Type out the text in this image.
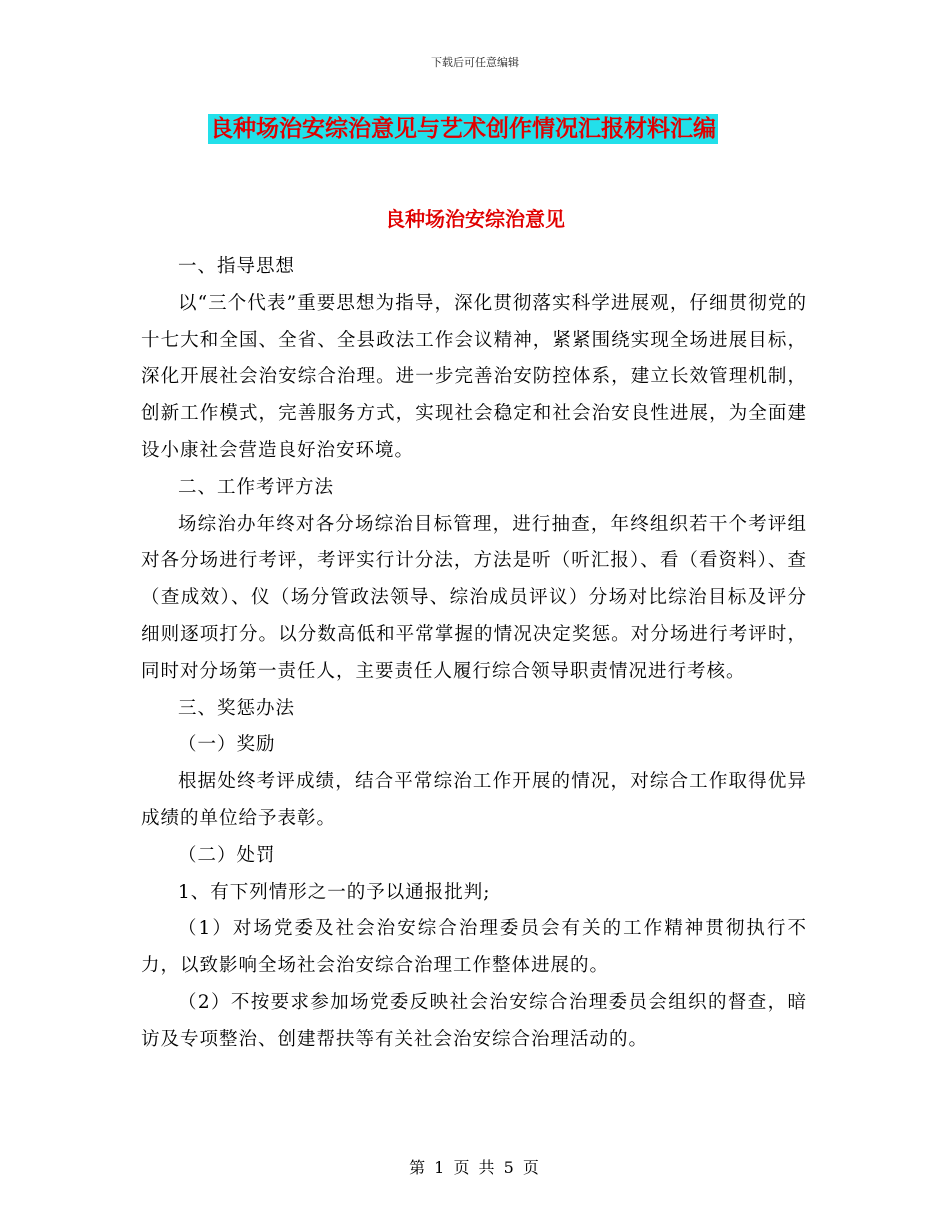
下载后可任意编辑
良种场治安综治意见与艺术创作情况汇报材料汇编
良种场治安综治意见

一、指导思想

以“三个代表”重要思想为指导，深化贯彻落实科学进展观，仔细贯彻党的十七大和全国、全省、全县政法工作会议精神，紧紧围绕实现全场进展目标，深化开展社会治安综合治理。进一步完善治安防控体系，建立长效管理机制，创新工作模式，完善服务方式，实现社会稳定和社会治安良性进展，为全面建设小康社会营造良好治安环境。

二、工作考评方法

场综治办年终对各分场综治目标管理，进行抽查，年终组织若干个考评组对各分场进行考评，考评实行计分法，方法是听（听汇报）、看（看资料）、查（查成效）、仪（场分管政法领导、综治成员评议）分场对比综治目标及评分细则逐项打分。以分数高低和平常掌握的情况决定奖惩。对分场进行考评时，同时对分场第一责任人，主要责任人履行综合领导职责情况进行考核。

三、奖惩办法

（一）奖励

根据处终考评成绩，结合平常综治工作开展的情况，对综合工作取得优异成绩的单位给予表彰。

（二）处罚

1、有下列情形之一的予以通报批判;

（1）对场党委及社会治安综合治理委员会有关的工作精神贯彻执行不力，以致影响全场社会治安综合治理工作整体进展的。

（2）不按要求参加场党委反映社会治安综合治理委员会组织的督查，暗访及专项整治、创建帮扶等有关社会治安综合治理活动的。

第 1 页 共 5 页
